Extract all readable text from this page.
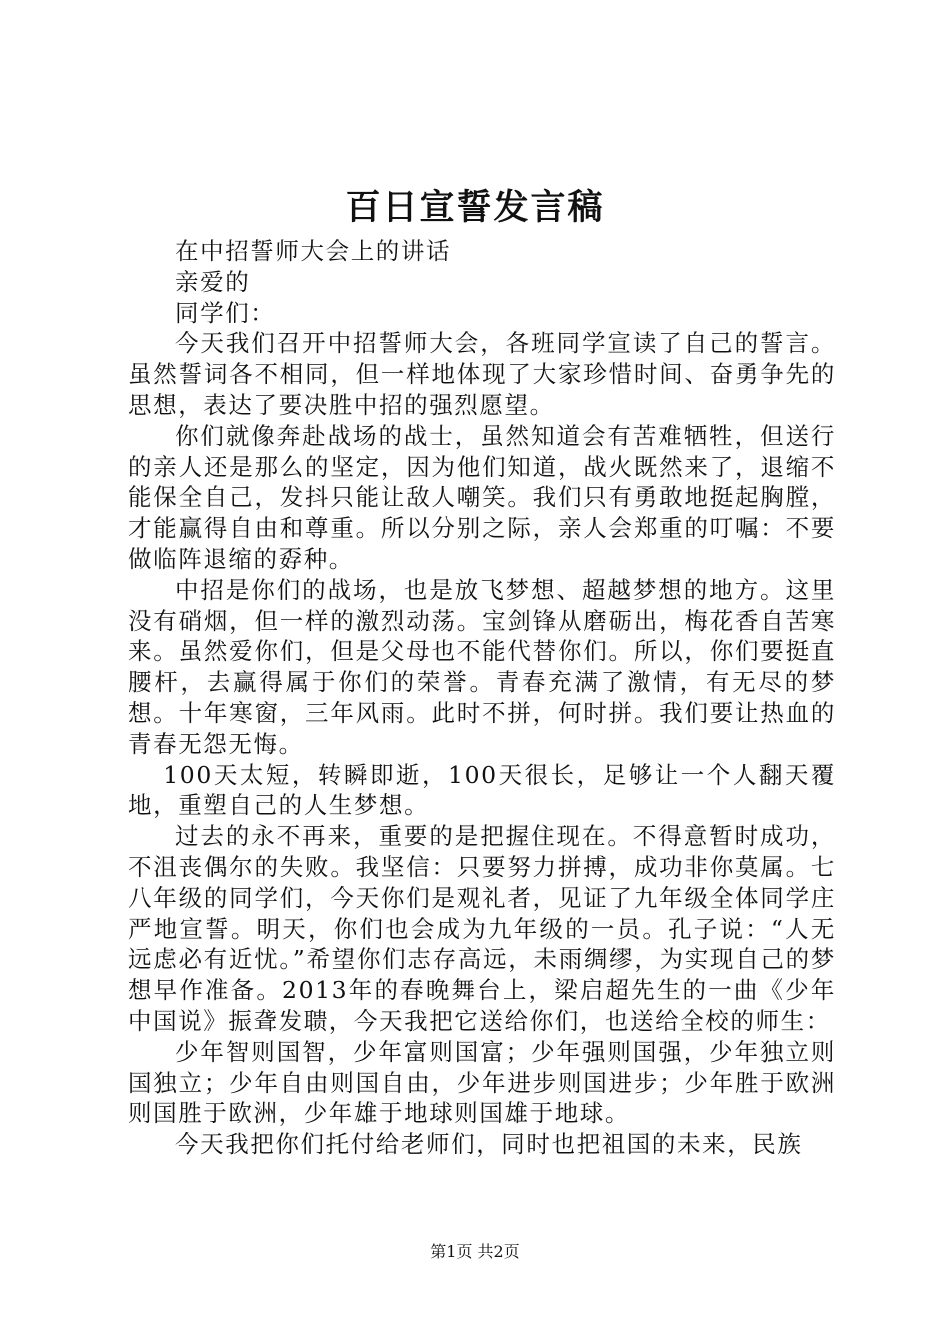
百日宣誓发言稿

在中招誓师大会上的讲话

亲爱的

同学们：

今天我们召开中招誓师大会，各班同学宣读了自己的誓言。虽然誓词各不相同，但一样地体现了大家珍惜时间、奋勇争先的思想，表达了要决胜中招的强烈愿望。

你们就像奔赴战场的战士，虽然知道会有苦难牺牲，但送行的亲人还是那么的坚定，因为他们知道，战火既然来了，退缩不能保全自己，发抖只能让敌人嘲笑。我们只有勇敢地挺起胸膛，才能赢得自由和尊重。所以分别之际，亲人会郑重的叮嘱：不要做临阵退缩的孬种。

中招是你们的战场，也是放飞梦想、超越梦想的地方。这里没有硝烟，但一样的激烈动荡。宝剑锋从磨砺出，梅花香自苦寒来。虽然爱你们，但是父母也不能代替你们。所以，你们要挺直腰杆，去赢得属于你们的荣誉。青春充满了激情，有无尽的梦想。十年寒窗，三年风雨。此时不拼，何时拼。我们要让热血的青春无怨无悔。

100天太短，转瞬即逝，100天很长，足够让一个人翻天覆地，重塑自己的人生梦想。

过去的永不再来，重要的是把握住现在。不得意暂时成功，不沮丧偶尔的失败。我坚信：只要努力拼搏，成功非你莫属。七八年级的同学们，今天你们是观礼者，见证了九年级全体同学庄严地宣誓。明天，你们也会成为九年级的一员。孔子说：“人无远虑必有近忧。”希望你们志存高远，未雨绸缪，为实现自己的梦想早作准备。2013年的春晚舞台上，梁启超先生的一曲《少年中国说》振聋发聩，今天我把它送给你们，也送给全校的师生：

少年智则国智，少年富则国富；少年强则国强，少年独立则国独立；少年自由则国自由，少年进步则国进步；少年胜于欧洲则国胜于欧洲，少年雄于地球则国雄于地球。

今天我把你们托付给老师们，同时也把祖国的未来，民族

第1页 共2页
